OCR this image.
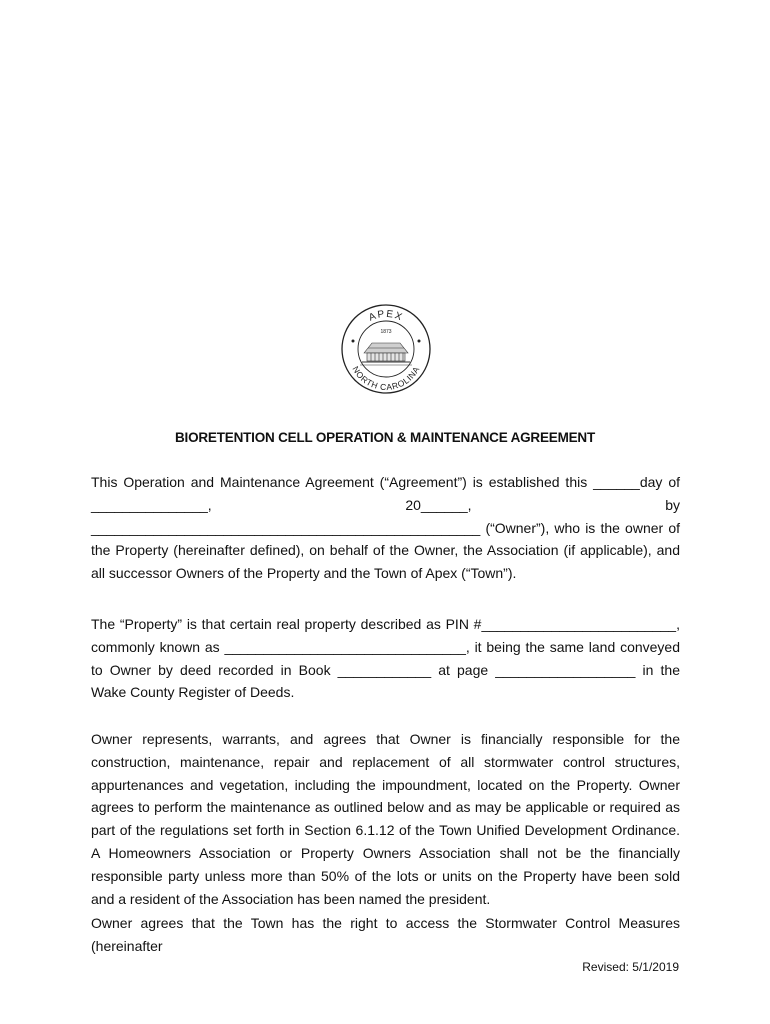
APEX
NORTH CAROLINA
1873
BIORETENTION CELL OPERATION & MAINTENANCE AGREEMENT

This Operation and Maintenance Agreement (“Agreement”) is established this ______day of _______________, 20______, by __________________________________________________ (“Owner”), who is the owner of the Property (hereinafter defined), on behalf of the Owner, the Association (if applicable), and all successor Owners of the Property and the Town of Apex (“Town”).

The “Property” is that certain real property described as PIN #_________________________, commonly known as _______________________________, it being the same land conveyed to Owner by deed recorded in Book ____________ at page __________________ in the Wake County Register of Deeds.

Owner represents, warrants, and agrees that Owner is financially responsible for the construction, maintenance, repair and replacement of all stormwater control structures, appurtenances and vegetation, including the impoundment, located on the Property. Owner agrees to perform the maintenance as outlined below and as may be applicable or required as part of the regulations set forth in Section 6.1.12 of the Town Unified Development Ordinance. A Homeowners Association or Property Owners Association shall not be the financially responsible party unless more than 50% of the lots or units on the Property have been sold and a resident of the Association has been named the president.

Owner agrees that the Town has the right to access the Stormwater Control Measures (hereinafter

Revised: 5/1/2019
